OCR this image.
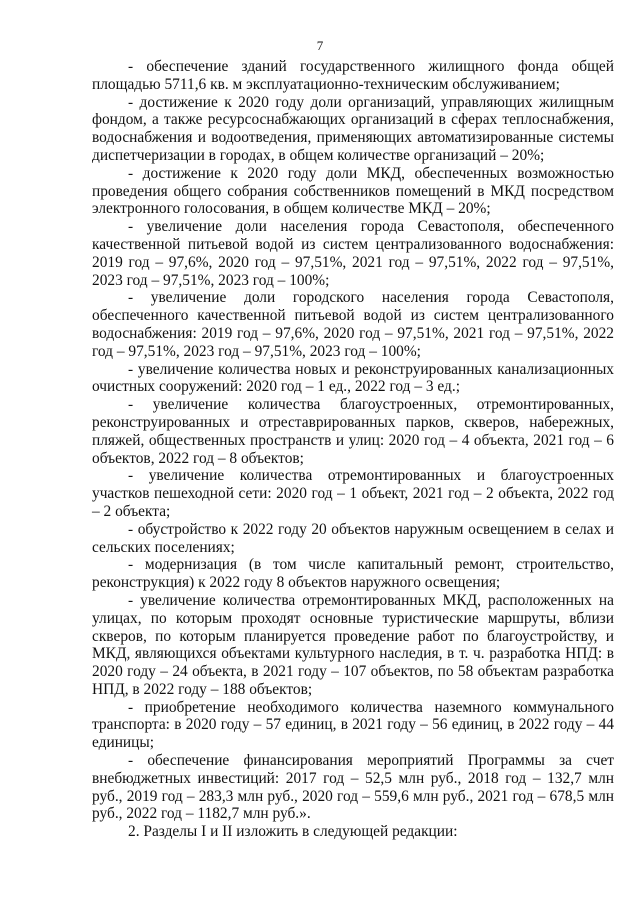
7

- обеспечение зданий государственного жилищного фонда общей площадью 5711,6 кв. м эксплуатационно-техническим обслуживанием;

- достижение к 2020 году доли организаций, управляющих жилищным фондом, а также ресурсоснабжающих организаций в сферах теплоснабжения, водоснабжения и водоотведения, применяющих автоматизированные системы диспетчеризации в городах, в общем количестве организаций – 20%;

- достижение к 2020 году доли МКД, обеспеченных возможностью проведения общего собрания собственников помещений в МКД посредством электронного голосования, в общем количестве МКД – 20%;

- увеличение доли населения города Севастополя, обеспеченного качественной питьевой водой из систем централизованного водоснабжения: 2019 год – 97,6%, 2020 год – 97,51%, 2021 год – 97,51%, 2022 год – 97,51%, 2023 год – 97,51%, 2023 год – 100%;

- увеличение доли городского населения города Севастополя, обеспеченного качественной питьевой водой из систем централизованного водоснабжения: 2019 год – 97,6%, 2020 год – 97,51%, 2021 год – 97,51%, 2022 год – 97,51%, 2023 год – 97,51%, 2023 год – 100%;

- увеличение количества новых и реконструированных канализационных очистных сооружений: 2020 год – 1 ед., 2022 год – 3 ед.;

- увеличение количества благоустроенных, отремонтированных, реконструированных и отреставрированных парков, скверов, набережных, пляжей, общественных пространств и улиц: 2020 год – 4 объекта, 2021 год – 6 объектов, 2022 год – 8 объектов;

- увеличение количества отремонтированных и благоустроенных участков пешеходной сети: 2020 год – 1 объект, 2021 год – 2 объекта, 2022 год – 2 объекта;

- обустройство к 2022 году 20 объектов наружным освещением в селах и сельских поселениях;

- модернизация (в том числе капитальный ремонт, строительство, реконструкция) к 2022 году 8 объектов наружного освещения;

- увеличение количества отремонтированных МКД, расположенных на улицах, по которым проходят основные туристические маршруты, вблизи скверов, по которым планируется проведение работ по благоустройству, и МКД, являющихся объектами культурного наследия, в т. ч. разработка НПД: в 2020 году – 24 объекта, в 2021 году – 107 объектов, по 58 объектам разработка НПД, в 2022 году – 188 объектов;

- приобретение необходимого количества наземного коммунального транспорта: в 2020 году – 57 единиц, в 2021 году – 56 единиц, в 2022 году – 44 единицы;

- обеспечение финансирования мероприятий Программы за счет внебюджетных инвестиций: 2017 год – 52,5 млн руб., 2018 год – 132,7 млн руб., 2019 год – 283,3 млн руб., 2020 год – 559,6 млн руб., 2021 год – 678,5 млн руб., 2022 год – 1182,7 млн руб.».

2. Разделы I и II изложить в следующей редакции:
